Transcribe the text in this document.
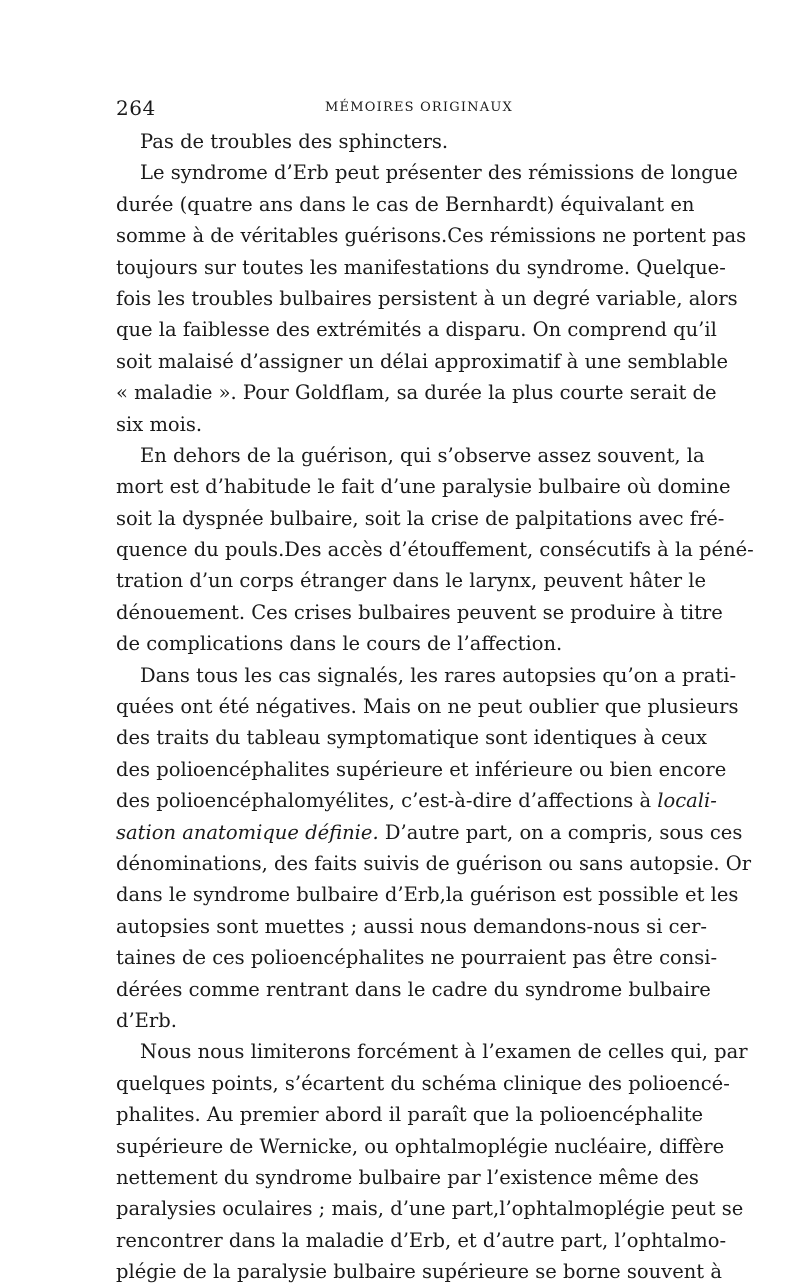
264	MÉMOIRES ORIGINAUX
Pas de troubles des sphincters.
Le syndrome d’Erb peut présenter des rémissions de longue
durée (quatre ans dans le cas de Bernhardt) équivalant en
somme à de véritables guérisons.Ces rémissions ne portent pas
toujours sur toutes les manifestations du syndrome. Quelque-
fois les troubles bulbaires persistent à un degré variable, alors
que la faiblesse des extrémités a disparu. On comprend qu’il
soit malaisé d’assigner un délai approximatif à une semblable
« maladie ». Pour Goldflam, sa durée la plus courte serait de
six mois.
En dehors de la guérison, qui s’observe assez souvent, la
mort est d’habitude le fait d’une paralysie bulbaire où domine
soit la dyspnée bulbaire, soit la crise de palpitations avec fré-
quence du pouls.Des accès d’étouffement, consécutifs à la péné-
tration d’un corps étranger dans le larynx, peuvent hâter le
dénouement. Ces crises bulbaires peuvent se produire à titre
de complications dans le cours de l’affection.
Dans tous les cas signalés, les rares autopsies qu’on a prati-
quées ont été négatives. Mais on ne peut oublier que plusieurs
des traits du tableau symptomatique sont identiques à ceux
des polioencéphalites supérieure et inférieure ou bien encore
des polioencéphalomyélites, c’est-à-dire d’affections à locali-
sation anatomique définie. D’autre part, on a compris, sous ces
dénominations, des faits suivis de guérison ou sans autopsie. Or
dans le syndrome bulbaire d’Erb,la guérison est possible et les
autopsies sont muettes ; aussi nous demandons-nous si cer-
taines de ces polioencéphalites ne pourraient pas être consi-
dérées comme rentrant dans le cadre du syndrome bulbaire
d’Erb.
Nous nous limiterons forcément à l’examen de celles qui, par
quelques points, s’écartent du schéma clinique des polioencé-
phalites. Au premier abord il paraît que la polioencéphalite
supérieure de Wernicke, ou ophtalmoplégie nucléaire, diffère
nettement du syndrome bulbaire par l’existence même des
paralysies oculaires ; mais, d’une part,l’ophtalmoplégie peut se
rencontrer dans la maladie d’Erb, et d’autre part, l’ophtalmo-
plégie de la paralysie bulbaire supérieure se borne souvent à
